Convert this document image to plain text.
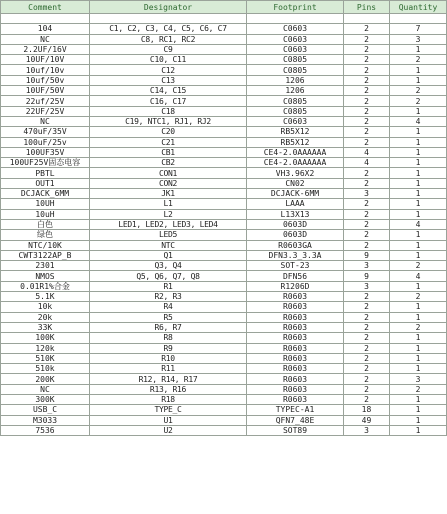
Comment	Designator	Footprint	Pins	Quantity

104	C1, C2, C3, C4, C5, C6, C7	C0603	2	7
NC	C8, RC1, RC2	C0603	2	3
2.2UF/16V	C9	C0603	2	1
10UF/10V	C10, C11	C0805	2	2
10uf/10v	C12	C0805	2	1
10uf/50v	C13	1206	2	1
10UF/50V	C14, C15	1206	2	2
22uf/25V	C16, C17	C0805	2	2
22UF/25V	C18	C0805	2	1
NC	C19, NTC1, RJ1, RJ2	C0603	2	4
470uF/35V	C20	RB5X12	2	1
100uF/25v	C21	RB5X12	2	1
100UF35V	CB1	CE4-2.0AAAAAA	4	1
100UF25V固态电容	CB2	CE4-2.0AAAAAA	4	1
PBTL	CON1	VH3.96X2	2	1
OUT1	CON2	CN02	2	1
DCJACK_6MM	JK1	DCJACK-6MM	3	1
10UH	L1	LAAA	2	1
10uH	L2	L13X13	2	1
白色	LED1, LED2, LED3, LED4	0603D	2	4
绿色	LED5	0603D	2	1
NTC/10K	NTC	R0603GA	2	1
CWT3122AP_B	Q1	DFN3.3_3.3A	9	1
2301	Q3, Q4	SOT-23	3	2
NMOS	Q5, Q6, Q7, Q8	DFN56	9	4
0.01R1%合金	R1	R1206D	3	1
5.1K	R2, R3	R0603	2	2
10k	R4	R0603	2	1
20k	R5	R0603	2	1
33K	R6, R7	R0603	2	2
100K	R8	R0603	2	1
120k	R9	R0603	2	1
510K	R10	R0603	2	1
510k	R11	R0603	2	1
200K	R12, R14, R17	R0603	2	3
NC	R13, R16	R0603	2	2
300K	R18	R0603	2	1
USB_C	TYPE_C	TYPEC-A1	18	1
M3033	U1	QFN7_48E	49	1
7536	U2	SOT89	3	1
